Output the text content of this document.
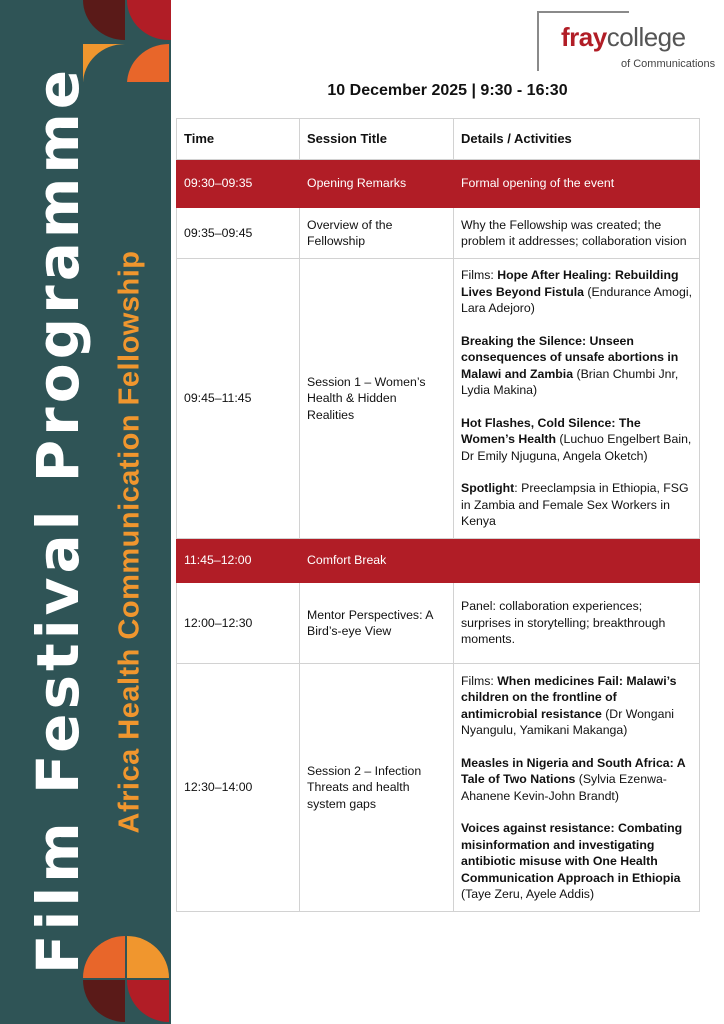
Film Festival Programme Africa Health Communication Fellowship
fraycollege
of Communications
10 December 2025 | 9:30 - 16:30
Time	Session Title	Details / Activities
09:30–09:35	Opening Remarks	Formal opening of the event
09:35–09:45	Overview of the Fellowship	Why the Fellowship was created; the problem it addresses; collaboration vision
09:45–11:45	Session 1 – Women’s Health & Hidden Realities	Films: Hope After Healing: Rebuilding Lives Beyond Fistula (Endurance Amogi, Lara Adejoro)

Breaking the Silence: Unseen consequences of unsafe abortions in Malawi and Zambia (Brian Chumbi Jnr, Lydia Makina)

Hot Flashes, Cold Silence: The Women’s Health (Luchuo Engelbert Bain, Dr Emily Njuguna, Angela Oketch)

Spotlight: Preeclampsia in Ethiopia, FSG in Zambia and Female Sex Workers in Kenya

11:45–12:00	Comfort Break	
12:00–12:30	Mentor Perspectives: A Bird’s-eye View	Panel: collaboration experiences; surprises in storytelling; breakthrough moments.
12:30–14:00	Session 2 – Infection Threats and health system gaps	Films: When medicines Fail: Malawi’s children on the frontline of antimicrobial resistance (Dr Wongani Nyangulu, Yamikani Makanga)

Measles in Nigeria and South Africa: A Tale of Two Nations (Sylvia Ezenwa-Ahanene Kevin-John Brandt)

Voices against resistance: Combating misinformation and investigating antibiotic misuse with One Health Communication Approach in Ethiopia (Taye Zeru, Ayele Addis)
